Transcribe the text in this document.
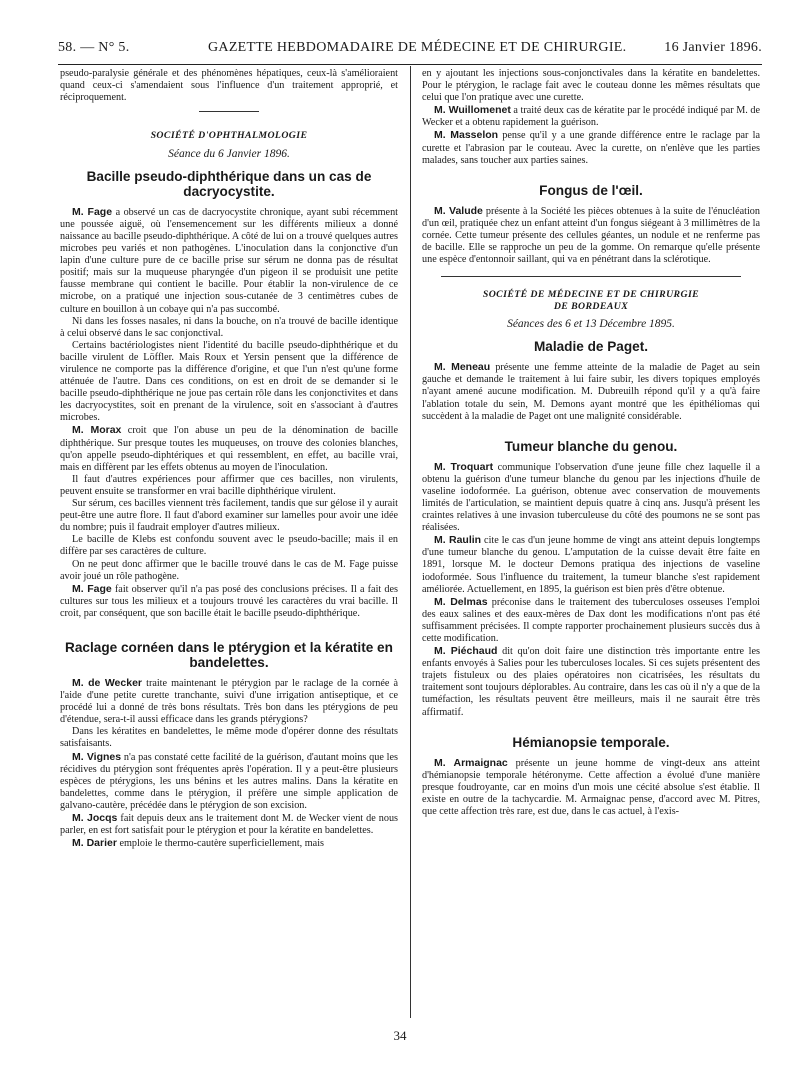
58. — N° 5.	GAZETTE HEBDOMADAIRE DE MÉDECINE ET DE CHIRURGIE.	16 Janvier 1896.

pseudo-paralysie générale et des phénomènes hépatiques, ceux-là s'amélioraient quand ceux-ci s'amendaient sous l'influence d'un traitement approprié, et réciproquement.

SOCIÉTÉ D'OPHTHALMOLOGIE
Séance du 6 Janvier 1896.
Bacille pseudo-diphthérique dans un cas de dacryocystite.

M. Fage a observé un cas de dacryocystite chronique, ayant subi récemment une poussée aiguë, où l'ensemencement sur les différents milieux a donné naissance au bacille pseudo-diphthérique. A côté de lui on a trouvé quelques autres microbes peu variés et non pathogènes. L'inoculation dans la conjonctive d'un lapin d'une culture pure de ce bacille prise sur sérum ne donna pas de résultat positif; mais sur la muqueuse pharyngée d'un pigeon il se produisit une petite fausse membrane qui contient le bacille. Pour établir la non-virulence de ce microbe, on a pratiqué une injection sous-cutanée de 3 centimètres cubes de culture en bouillon à un cobaye qui n'a pas succombé.

Ni dans les fosses nasales, ni dans la bouche, on n'a trouvé de bacille identique à celui observé dans le sac conjonctival.

Certains bactériologistes nient l'identité du bacille pseudo-diphthérique et du bacille virulent de Löffler. Mais Roux et Yersin pensent que la différence de virulence ne comporte pas la différence d'origine, et que l'un n'est qu'une forme atténuée de l'autre. Dans ces conditions, on est en droit de se demander si le bacille pseudo-diphthérique ne joue pas certain rôle dans les conjonctivites et dans les dacryocystites, soit en prenant de la virulence, soit en s'associant à d'autres microbes.

M. Morax croit que l'on abuse un peu de la dénomination de bacille diphthérique. Sur presque toutes les muqueuses, on trouve des colonies blanches, qu'on appelle pseudo-diphtériques et qui ressemblent, en effet, au bacille vrai, mais en diffèrent par les effets obtenus au moyen de l'inoculation.

Il faut d'autres expériences pour affirmer que ces bacilles, non virulents, peuvent ensuite se transformer en vrai bacille diphthérique virulent.

Sur sérum, ces bacilles viennent très facilement, tandis que sur gélose il y aurait peut-être une autre flore. Il faut d'abord examiner sur lamelles pour avoir une idée du nombre; puis il faudrait employer d'autres milieux.

Le bacille de Klebs est confondu souvent avec le pseudo-bacille; mais il en diffère par ses caractères de culture.

On ne peut donc affirmer que le bacille trouvé dans le cas de M. Fage puisse avoir joué un rôle pathogène.

M. Fage fait observer qu'il n'a pas posé des conclusions précises. Il a fait des cultures sur tous les milieux et a toujours trouvé les caractères du vrai bacille. Il croit, par conséquent, que son bacille était le bacille pseudo-diphthérique.

Raclage cornéen dans le ptérygion et la kératite en bandelettes.

M. de Wecker traite maintenant le ptérygion par le raclage de la cornée à l'aide d'une petite curette tranchante, suivi d'une irrigation antiseptique, et ce procédé lui a donné de très bons résultats. Très bon dans les ptérygions de peu d'étendue, sera-t-il aussi efficace dans les grands ptérygions?

Dans les kératites en bandelettes, le même mode d'opérer donne des résultats satisfaisants.

M. Vignes n'a pas constaté cette facilité de la guérison, d'autant moins que les récidives du ptérygion sont fréquentes après l'opération. Il y a peut-être plusieurs espèces de ptérygions, les uns bénins et les autres malins. Dans la kératite en bandelettes, comme dans le ptérygion, il préfère une simple application de galvano-cautère, précédée dans le ptérygion de son excision.

M. Jocqs fait depuis deux ans le traitement dont M. de Wecker vient de nous parler, en est fort satisfait pour le ptérygion et pour la kératite en bandelettes.

M. Darier emploie le thermo-cautère superficiellement, mais

en y ajoutant les injections sous-conjonctivales dans la kératite en bandelettes. Pour le ptérygion, le raclage fait avec le couteau donne les mêmes résultats que celui que l'on pratique avec une curette.

M. Wuillomenet a traité deux cas de kératite par le procédé indiqué par M. de Wecker et a obtenu rapidement la guérison.

M. Masselon pense qu'il y a une grande différence entre le raclage par la curette et l'abrasion par le couteau. Avec la curette, on n'enlève que les parties malades, sans toucher aux parties saines.

Fongus de l'œil.

M. Valude présente à la Société les pièces obtenues à la suite de l'énucléation d'un œil, pratiquée chez un enfant atteint d'un fongus siégeant à 3 millimètres de la cornée. Cette tumeur présente des cellules géantes, un nodule et ne renferme pas de bacille. Elle se rapproche un peu de la gomme. On remarque qu'elle présente une espèce d'entonnoir saillant, qui va en pénétrant dans la sclérotique.

SOCIÉTÉ DE MÉDECINE ET DE CHIRURGIE
DE BORDEAUX
Séances des 6 et 13 Décembre 1895.
Maladie de Paget.

M. Meneau présente une femme atteinte de la maladie de Paget au sein gauche et demande le traitement à lui faire subir, les divers topiques employés n'ayant amené aucune modification. M. Dubreuilh répond qu'il y a qu'à faire l'ablation totale du sein, M. Demons ayant montré que les épithéliomas qui succèdent à la maladie de Paget ont une malignité considérable.

Tumeur blanche du genou.

M. Troquart communique l'observation d'une jeune fille chez laquelle il a obtenu la guérison d'une tumeur blanche du genou par les injections d'huile de vaseline iodoformée. La guérison, obtenue avec conservation de mouvements limités de l'articulation, se maintient depuis quatre à cinq ans. Jusqu'à présent les craintes relatives à une invasion tuberculeuse du côté des poumons ne se sont pas réalisées.

M. Raulin cite le cas d'un jeune homme de vingt ans atteint depuis longtemps d'une tumeur blanche du genou. L'amputation de la cuisse devait être faite en 1891, lorsque M. le docteur Demons pratiqua des injections de vaseline iodoformée. Sous l'influence du traitement, la tumeur blanche s'est rapidement améliorée. Actuellement, en 1895, la guérison est bien près d'être obtenue.

M. Delmas préconise dans le traitement des tuberculoses osseuses l'emploi des eaux salines et des eaux-mères de Dax dont les modifications n'ont pas été suffisamment précisées. Il compte rapporter prochainement plusieurs succès dus à cette modification.

M. Piéchaud dit qu'on doit faire une distinction très importante entre les enfants envoyés à Salies pour les tuberculoses locales. Si ces sujets présentent des trajets fistuleux ou des plaies opératoires non cicatrisées, les résultats du traitement sont toujours déplorables. Au contraire, dans les cas où il n'y a que de la tuméfaction, les résultats peuvent être meilleurs, mais il ne saurait être très affirmatif.

Hémianopsie temporale.

M. Armaignac présente un jeune homme de vingt-deux ans atteint d'hémianopsie temporale hétéronyme. Cette affection a évolué d'une manière presque foudroyante, car en moins d'un mois une cécité absolue s'est établie. Il existe en outre de la tachycardie. M. Armaignac pense, d'accord avec M. Pitres, que cette affection très rare, est due, dans le cas actuel, à l'exis-

34
